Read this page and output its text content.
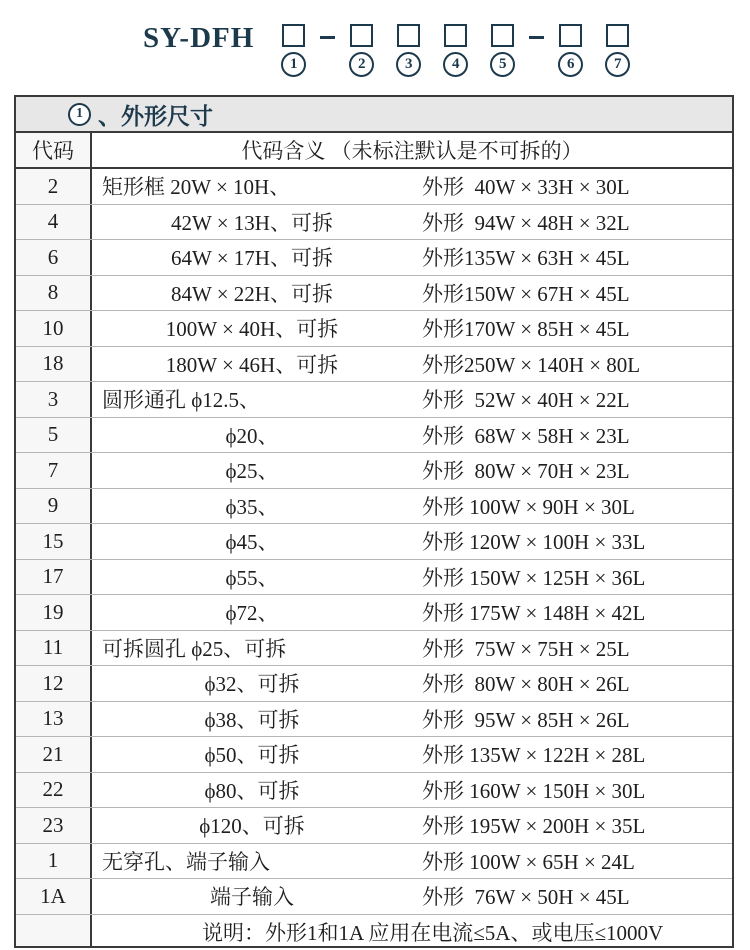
SY-DFH
1	2	3	4	5	6	7
1 、外形尺寸
代码	代码含义 （未标注默认是不可拆的）
2	矩形框 20W × 10H、	外形  40W × 33H × 30L
4	42W × 13H、可拆	外形  94W × 48H × 32L
6	64W × 17H、可拆	外形135W × 63H × 45L
8	84W × 22H、可拆	外形150W × 67H × 45L
10	100W × 40H、可拆	外形170W × 85H × 45L
18	180W × 46H、可拆	外形250W × 140H × 80L
3	圆形通孔 ϕ12.5、	外形  52W × 40H × 22L
5	ϕ20、	外形  68W × 58H × 23L
7	ϕ25、	外形  80W × 70H × 23L
9	ϕ35、	外形 100W × 90H × 30L
15	ϕ45、	外形 120W × 100H × 33L
17	ϕ55、	外形 150W × 125H × 36L
19	ϕ72、	外形 175W × 148H × 42L
11	可拆圆孔 ϕ25、可拆	外形  75W × 75H × 25L
12	ϕ32、可拆	外形  80W × 80H × 26L
13	ϕ38、可拆	外形  95W × 85H × 26L
21	ϕ50、可拆	外形 135W × 122H × 28L
22	ϕ80、可拆	外形 160W × 150H × 30L
23	ϕ120、可拆	外形 195W × 200H × 35L
1	无穿孔、端子输入	外形 100W × 65H × 24L
1A	端子输入	外形  76W × 50H × 45L
说明：外形1和1A 应用在电流≤5A、或电压≤1000V
